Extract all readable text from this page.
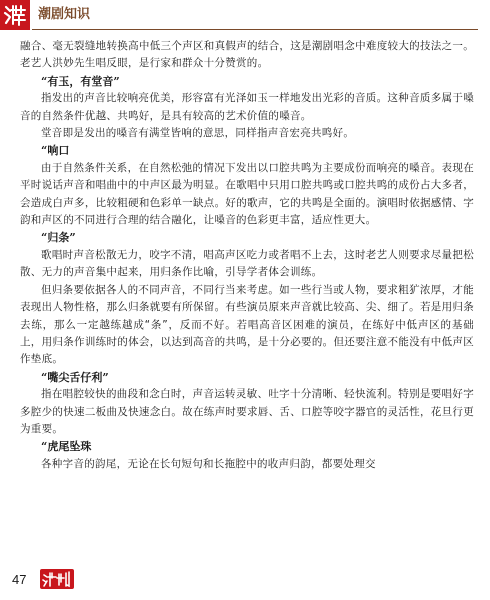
潮剧知识

融合、毫无裂缝地转换高中低三个声区和真假声的结合，这是潮剧唱念中难度较大的技法之一。老艺人洪妙先生唱反眼，是行家和群众十分赞赏的。

“有玉，有堂音”

指发出的声音比较响亮优美，形容富有光泽如玉一样地发出光彩的音质。这种音质多属于嗓音的自然条件优越、共鸣好，是具有较高的艺术价值的嗓音。

堂音即是发出的嗓音有满堂皆响的意思，同样指声音宏亮共鸣好。

“响口

由于自然条件关系，在自然松弛的情况下发出以口腔共鸣为主要成份而响亮的嗓音。表现在平时说话声音和唱曲中的中声区最为明显。在歌唱中只用口腔共鸣或口腔共鸣的成份占大多者，会造成白声多，比较粗硬和色彩单一缺点。好的歌声，它的共鸣是全面的。演唱时依据感情、字韵和声区的不同进行合理的结合融化，让嗓音的色彩更丰富，适应性更大。

“归条”

歌唱时声音松散无力，咬字不清，唱高声区吃力或者唱不上去，这时老艺人则要求尽量把松散、无力的声音集中起来，用归条作比喻，引导学者体会训练。

但归条要依据各人的不同声音，不同行当来考虑。如一些行当或人物，要求粗犷浓厚，才能表现出人物性格，那么归条就要有所保留。有些演员原来声音就比较高、尖、细了。若是用归条去练，那么一定越练越成“条”，反而不好。若唱高音区困难的演员，在练好中低声区的基础上，用归条作训练时的体会，以达到高音的共鸣，是十分必要的。但还要注意不能没有中低声区作垫底。

“嘴尖舌仔利”

指在唱腔较快的曲段和念白时，声音运转灵敏、吐字十分清晰、轻快流利。特别是要唱好字多腔少的快速二板曲及快速念白。故在练声时要求唇、舌、口腔等咬字器官的灵活性，花旦行更为重要。

“虎尾坠珠

各种字音的韵尾，无论在长句短句和长拖腔中的收声归韵，都要处理交

47
